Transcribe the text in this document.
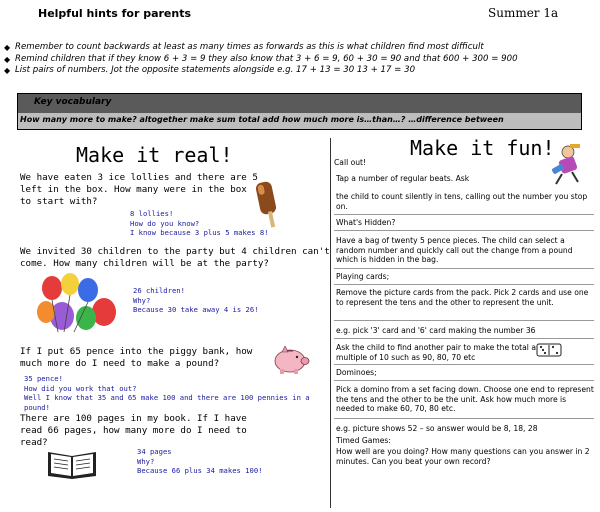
Helpful hints for parents	Summer 1a
◆ Remember to count backwards at least as many times as forwards as this is what children find most difficult
◆ Remind children that if they know 6 + 3 = 9 they also know that 3 + 6 = 9, 60 + 30 = 90 and that 600 + 300 = 900
◆ List pairs of numbers. Jot the opposite statements alongside e.g. 17 + 13 = 30 13 + 17 = 30
Key vocabulary
How many more to make? altogether make sum total add how much more is…than…? …difference between
Make it real!
We have eaten 3 ice lollies and there are 5 left in the box. How many were in the box to start with?
8 lollies!
How do you know?
I know because 3 plus 5 makes 8!
We invited 30 children to the party but 4 children can't come. How many children will be at the party?
26 children!
Why?
Because 30 take away 4 is 26!
If I put 65 pence into the piggy bank, how much more do I need to make a pound?
35 pence!
How did you work that out?
Well I know that 35 and 65 make 100 and there are 100 pennies in a pound!
There are 100 pages in my book. If I have read 66 pages, how many more do I need to read?
34 pages
Why?
Because 66 plus 34 makes 100!
Make it fun!
Call out!
Tap a number of regular beats. Ask
the child to count silently in tens, calling out the number you stop on.
What's Hidden?
Have a bag of twenty 5 pence pieces. The child can select a random number and quickly call out the change from a pound which is hidden in the bag.
Playing cards;
Remove the picture cards from the pack. Pick 2 cards and use one to represent the tens and the other to represent the unit.
e.g. pick '3' card and '6' card making the number 36
Ask the child to find another pair to make the total a multiple of 10 such as 90, 80, 70 etc
Dominoes;
Pick a domino from a set facing down. Choose one end to represent the tens and the other to be the unit. Ask how much more is needed to make 60, 70, 80 etc.
e.g. picture shows 52 – so answer would be 8, 18, 28
Timed Games:
How well are you doing? How many questions can you answer in 2 minutes. Can you beat your own record?
